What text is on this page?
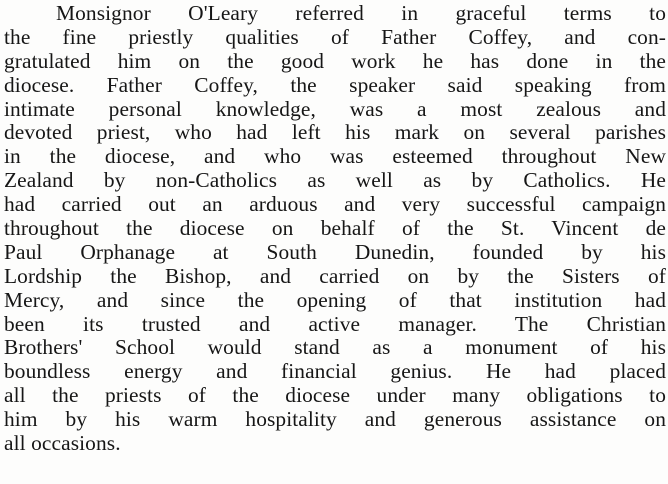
Monsignor O'Leary referred in graceful terms to
the fine priestly qualities of Father Coffey, and con-
gratulated him on the good work he has done in the
diocese. Father Coffey, the speaker said speaking from
intimate personal knowledge, was a most zealous and
devoted priest, who had left his mark on several parishes
in the diocese, and who was esteemed throughout New
Zealand by non-Catholics as well as by Catholics. He
had carried out an arduous and very successful campaign
throughout the diocese on behalf of the St. Vincent de
Paul Orphanage at South Dunedin, founded by his
Lordship the Bishop, and carried on by the Sisters of
Mercy, and since the opening of that institution had
been its trusted and active manager. The Christian
Brothers' School would stand as a monument of his
boundless energy and financial genius. He had placed
all the priests of the diocese under many obligations to
him by his warm hospitality and generous assistance on
all occasions.
